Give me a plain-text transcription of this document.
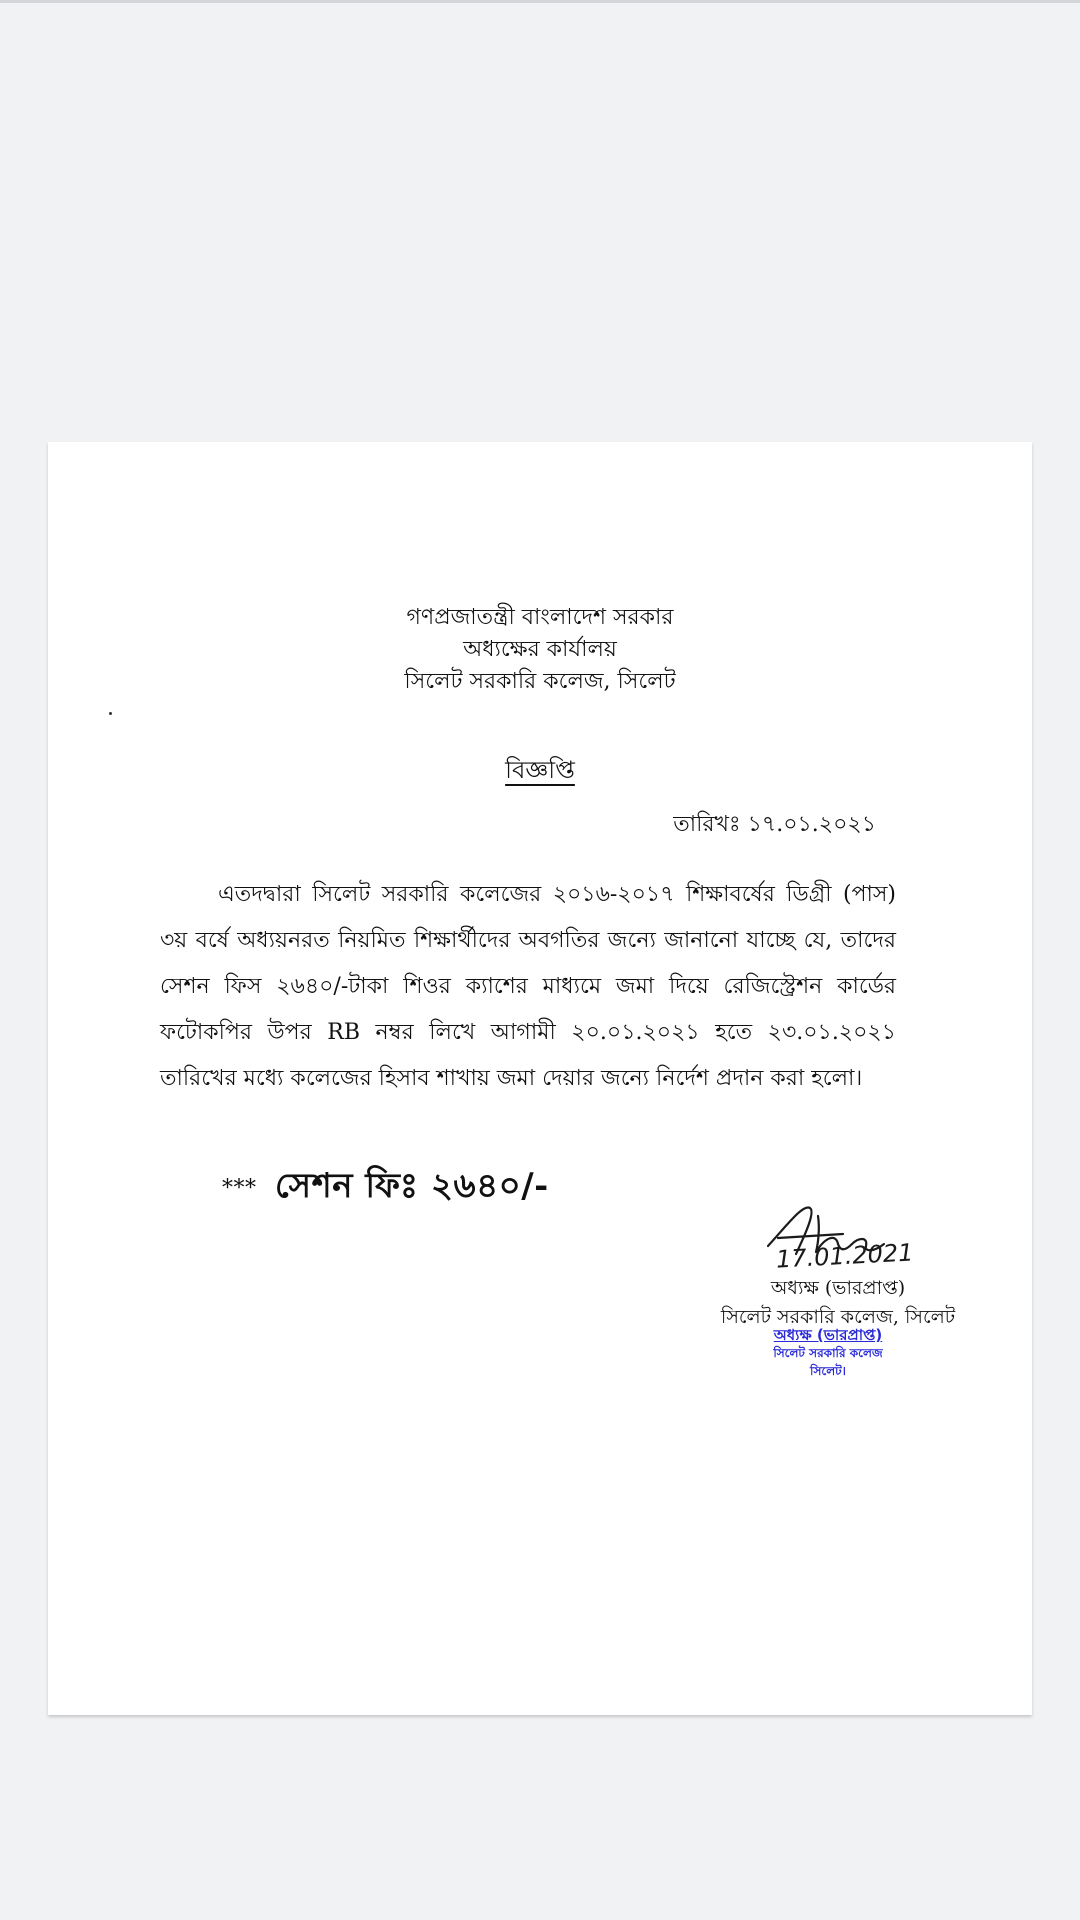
গণপ্রজাতন্ত্রী বাংলাদেশ সরকার
অধ্যক্ষের কার্যালয়
সিলেট সরকারি কলেজ, সিলেট
বিজ্ঞপ্তি
তারিখঃ ১৭.০১.২০২১
এতদদ্বারা সিলেট সরকারি কলেজের ২০১৬-২০১৭ শিক্ষাবর্ষের ডিগ্রী (পাস) ৩য় বর্ষে অধ্যয়নরত নিয়মিত শিক্ষার্থীদের অবগতির জন্যে জানানো যাচ্ছে যে, তাদের সেশন ফিস ২৬৪০/-টাকা শিওর ক্যাশের মাধ্যমে জমা দিয়ে রেজিস্ট্রেশন কার্ডের ফটোকপির উপর RB নম্বর লিখে আগামী ২০.০১.২০২১ হতে ২৩.০১.২০২১ তারিখের মধ্যে কলেজের হিসাব শাখায় জমা দেয়ার জন্যে নির্দেশ প্রদান করা হলো।
*** সেশন ফিঃ ২৬৪০/-
17.01.2021
অধ্যক্ষ (ভারপ্রাপ্ত)
সিলেট সরকারি কলেজ, সিলেট
অধ্যক্ষ (ভারপ্রাপ্ত)
সিলেট সরকারি কলেজ
সিলেট।
